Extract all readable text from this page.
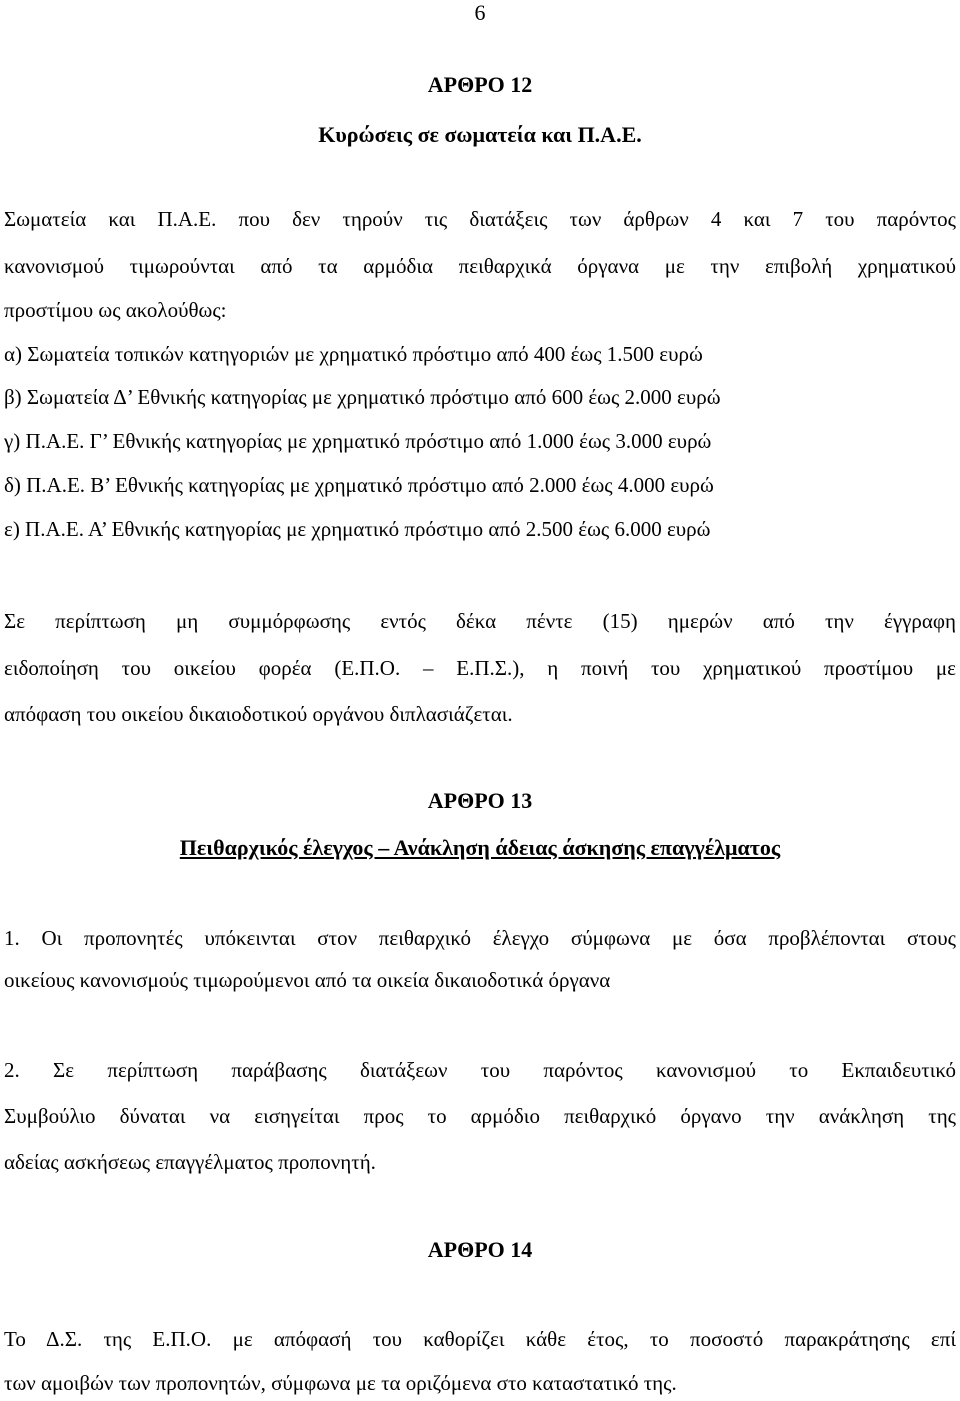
6
ΑΡΘΡΟ 12
Κυρώσεις σε σωματεία και Π.Α.Ε.
Σωματεία και Π.Α.Ε. που δεν τηρούν τις διατάξεις των άρθρων 4 και 7 του παρόντος
κανονισμού τιμωρούνται από τα αρμόδια πειθαρχικά όργανα με την επιβολή χρηματικού
προστίμου ως ακολούθως:
α) Σωματεία τοπικών κατηγοριών με χρηματικό πρόστιμο από 400 έως 1.500 ευρώ
β) Σωματεία Δ’ Εθνικής κατηγορίας με χρηματικό πρόστιμο από 600 έως 2.000 ευρώ
γ) Π.Α.Ε. Γ’ Εθνικής κατηγορίας με χρηματικό πρόστιμο από 1.000 έως 3.000 ευρώ
δ) Π.Α.Ε. Β’ Εθνικής κατηγορίας με χρηματικό πρόστιμο από 2.000 έως 4.000 ευρώ
ε) Π.Α.Ε. Α’ Εθνικής κατηγορίας με χρηματικό πρόστιμο από 2.500 έως 6.000 ευρώ
Σε περίπτωση μη συμμόρφωσης εντός δέκα πέντε (15) ημερών από την έγγραφη
ειδοποίηση του οικείου φορέα (Ε.Π.Ο. – Ε.Π.Σ.), η ποινή του χρηματικού προστίμου με
απόφαση του οικείου δικαιοδοτικού οργάνου διπλασιάζεται.
ΑΡΘΡΟ 13
Πειθαρχικός έλεγχος – Ανάκληση άδειας άσκησης επαγγέλματος
1. Οι προπονητές υπόκεινται στον πειθαρχικό έλεγχο σύμφωνα με όσα προβλέπονται στους
οικείους κανονισμούς τιμωρούμενοι από τα οικεία δικαιοδοτικά όργανα
2. Σε περίπτωση παράβασης διατάξεων του παρόντος κανονισμού το Εκπαιδευτικό
Συμβούλιο δύναται να εισηγείται προς το αρμόδιο πειθαρχικό όργανο την ανάκληση της
αδείας ασκήσεως επαγγέλματος προπονητή.
ΑΡΘΡΟ 14
Το Δ.Σ. της Ε.Π.Ο. με απόφασή του καθορίζει κάθε έτος, το ποσοστό παρακράτησης επί
των αμοιβών των προπονητών, σύμφωνα με τα οριζόμενα στο καταστατικό της.
